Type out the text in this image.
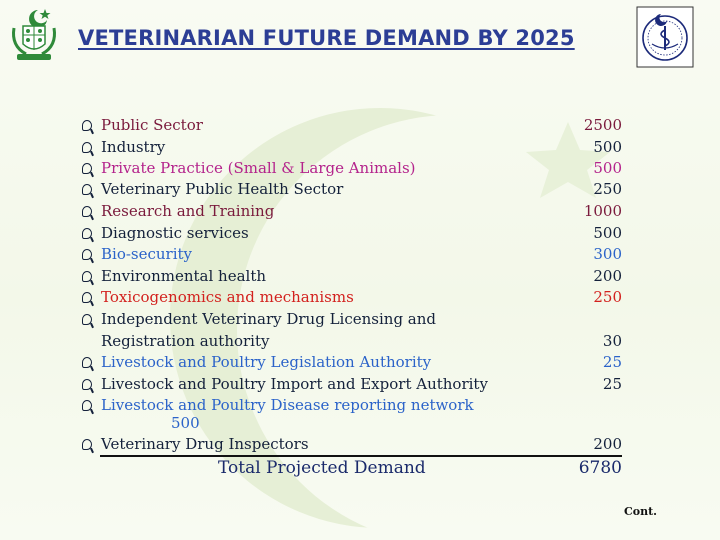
VETERINARIAN FUTURE DEMAND BY 2025
Public Sector	2500
Industry	500
Private Practice (Small & Large Animals)	500
Veterinary Public Health Sector	250
Research and Training	1000
Diagnostic services	500
Bio-security	300
Environmental health	200
Toxicogenomics and mechanisms	250
Independent Veterinary Drug Licensing and
Registration authority	30
Livestock and Poultry Legislation Authority	25
Livestock and Poultry Import and Export Authority	25
Livestock and Poultry Disease reporting network
500
Veterinary Drug Inspectors	200
Total Projected Demand	6780
Cont.
